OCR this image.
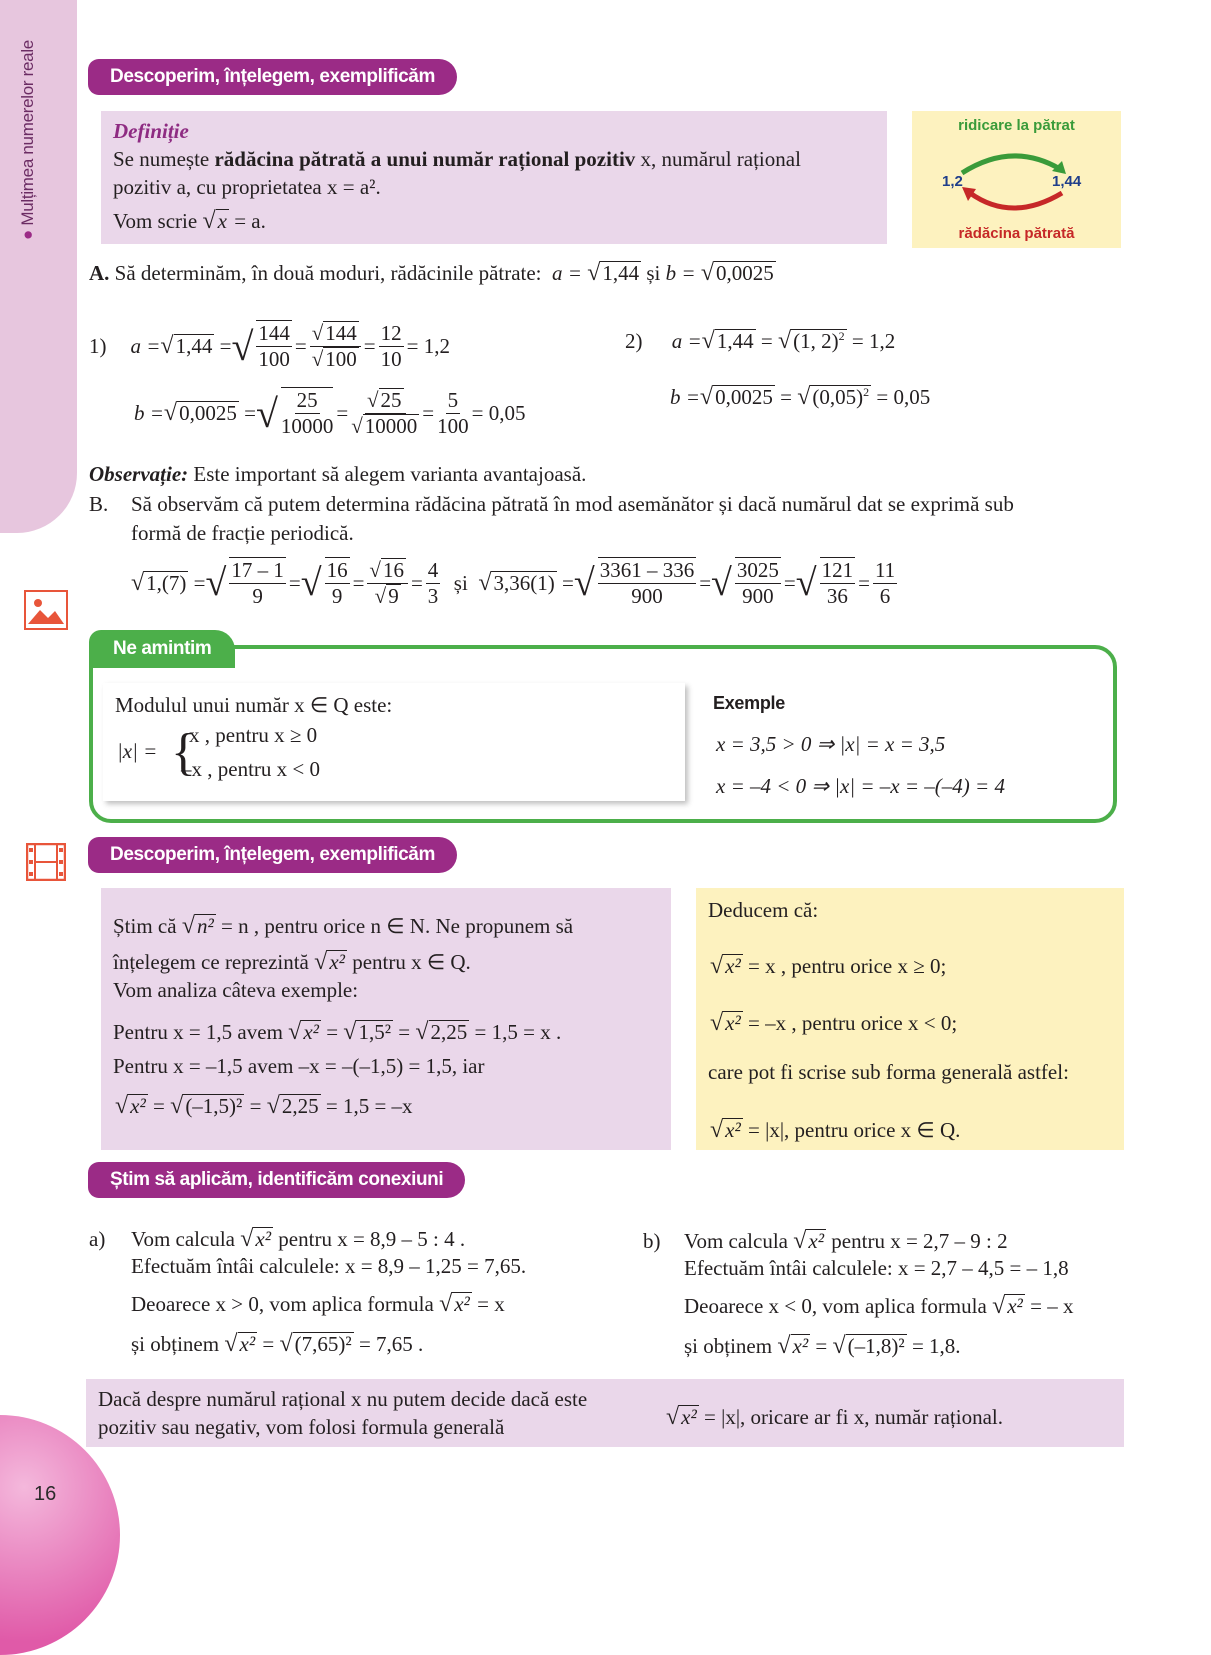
● Mulțimea numerelor reale
16
Descoperim, înțelegem, exemplificăm
Definiție
Se numește rădăcina pătrată a unui număr rațional pozitiv x, numărul rațional
pozitiv a, cu proprietatea x = a².
Vom scrie √x = a.
ridicare la pătrat
1,2	1,44
rădăcina pătrată
A. Să determinăm, în două moduri, rădăcinile pătrate: a = √1,44 și b = √0,0025
1) a = √ 1,44 = √ $\frac{144}{100} = \frac{√144}{√100} = \frac{12}{10} = 1,2$
b = √ 0,0025 = √ $\frac{25}{10000} = \frac{√25}{√10000} = \frac{5}{100} = 0,05$
2) a =√1,44 = √(1, 2)$^2$ = 1,2
$b =√0,0025 = √(0,05)^2 = 0,05$
Observație: Este important să alegem varianta avantajoasă.
B. Să observăm că putem determina rădăcina pătrată în mod asemănător și dacă numărul dat se exprimă sub
formă de fracție periodică.
√ 1,(7) = √ $\frac{17 - 1}{9}$ = √ $\frac{16}{9} = \frac{√16}{√9} = \frac{4}{3}$
și
√ 3,36(1) = √ $\frac{3361 - 336}{900}$ = √ $\frac{3025}{900}$ = √ $\frac{121}{36} = \frac{11}{6}$
Ne amintim
Modulul unui număr x ∈ Q este:
|x| = {
x , pentru x ≥ 0
–x , pentru x < 0
Exemple
x = 3,5 > 0 ⇒ |x| = x = 3,5
x = –4 < 0 ⇒ |x| = –x = –(–4) = 4
Descoperim, înțelegem, exemplificăm
Știm că √n² = n , pentru orice n ∈ N. Ne propunem să
înțelegem ce reprezintă √x² pentru x ∈ Q.
Vom analiza câteva exemple:
Pentru x = 1,5 avem √x² = √1,5² = √2,25 = 1,5 = x .
Pentru x = –1,5 avem –x = –(–1,5) = 1,5, iar
√x² = √(–1,5)² = √2,25 = 1,5 = –x
Deducem că:
√x² = x , pentru orice x ≥ 0;
√x² = –x , pentru orice x < 0;
care pot fi scrise sub forma generală astfel:
√x² = |x|, pentru orice x ∈ Q.
Știm să aplicăm, identificăm conexiuni
a) Vom calcula √x² pentru x = 8,9 – 5 : 4 .
Efectuăm întâi calculele: x = 8,9 – 1,25 = 7,65.
Deoarece x > 0, vom aplica formula √x² = x
și obținem √x² = √(7,65)² = 7,65 .
b) Vom calcula √x² pentru x = 2,7 – 9 : 2
Efectuăm întâi calculele: x = 2,7 – 4,5 = – 1,8
Deoarece x < 0, vom aplica formula √x² = – x
și obținem √x² = √(–1,8)² = 1,8.
Dacă despre numărul rațional x nu putem decide dacă este
pozitiv sau negativ, vom folosi formula generală	√x² = |x|, oricare ar fi x, număr rațional.
